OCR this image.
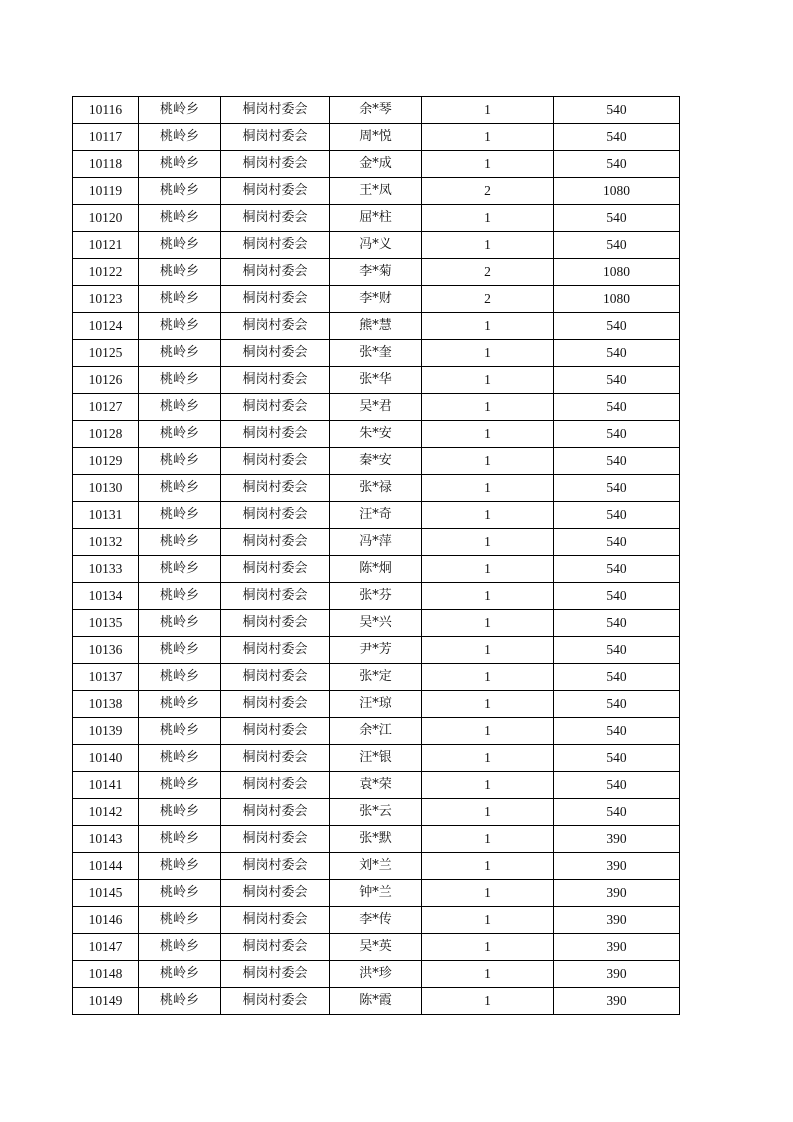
10116	桃岭乡	桐岗村委会	余*琴	1	540
10117	桃岭乡	桐岗村委会	周*悦	1	540
10118	桃岭乡	桐岗村委会	金*成	1	540
10119	桃岭乡	桐岗村委会	王*凤	2	1080
10120	桃岭乡	桐岗村委会	屈*柱	1	540
10121	桃岭乡	桐岗村委会	冯*义	1	540
10122	桃岭乡	桐岗村委会	李*菊	2	1080
10123	桃岭乡	桐岗村委会	李*财	2	1080
10124	桃岭乡	桐岗村委会	熊*慧	1	540
10125	桃岭乡	桐岗村委会	张*奎	1	540
10126	桃岭乡	桐岗村委会	张*华	1	540
10127	桃岭乡	桐岗村委会	吴*君	1	540
10128	桃岭乡	桐岗村委会	朱*安	1	540
10129	桃岭乡	桐岗村委会	秦*安	1	540
10130	桃岭乡	桐岗村委会	张*禄	1	540
10131	桃岭乡	桐岗村委会	汪*奇	1	540
10132	桃岭乡	桐岗村委会	冯*萍	1	540
10133	桃岭乡	桐岗村委会	陈*炯	1	540
10134	桃岭乡	桐岗村委会	张*芬	1	540
10135	桃岭乡	桐岗村委会	吴*兴	1	540
10136	桃岭乡	桐岗村委会	尹*芳	1	540
10137	桃岭乡	桐岗村委会	张*定	1	540
10138	桃岭乡	桐岗村委会	汪*琼	1	540
10139	桃岭乡	桐岗村委会	余*江	1	540
10140	桃岭乡	桐岗村委会	汪*银	1	540
10141	桃岭乡	桐岗村委会	袁*荣	1	540
10142	桃岭乡	桐岗村委会	张*云	1	540
10143	桃岭乡	桐岗村委会	张*默	1	390
10144	桃岭乡	桐岗村委会	刘*兰	1	390
10145	桃岭乡	桐岗村委会	钟*兰	1	390
10146	桃岭乡	桐岗村委会	李*传	1	390
10147	桃岭乡	桐岗村委会	吴*英	1	390
10148	桃岭乡	桐岗村委会	洪*珍	1	390
10149	桃岭乡	桐岗村委会	陈*霞	1	390
